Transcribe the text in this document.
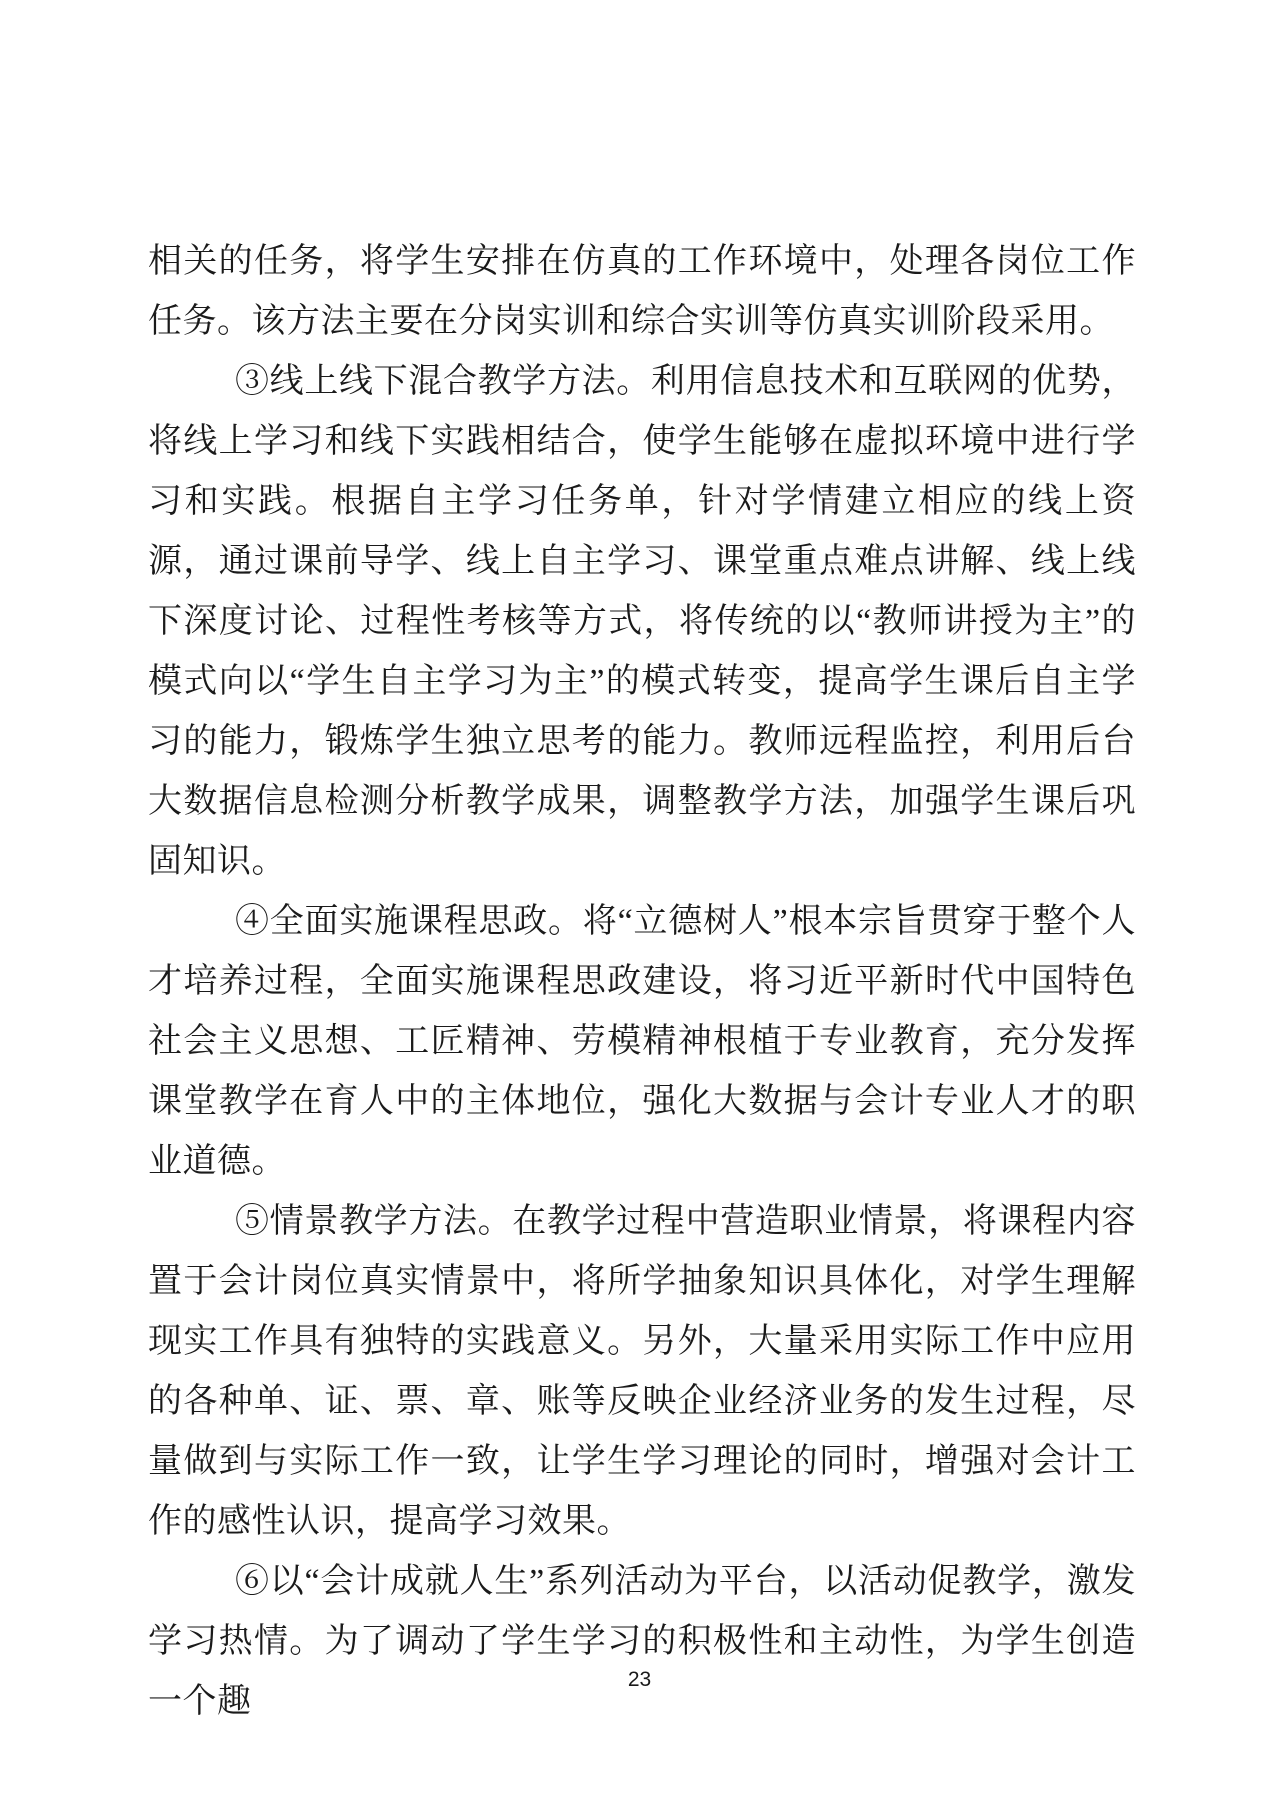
相关的任务，将学生安排在仿真的工作环境中，处理各岗位工作任务。该方法主要在分岗实训和综合实训等仿真实训阶段采用。

③线上线下混合教学方法。利用信息技术和互联网的优势，将线上学习和线下实践相结合，使学生能够在虚拟环境中进行学习和实践。根据自主学习任务单，针对学情建立相应的线上资源，通过课前导学、线上自主学习、课堂重点难点讲解、线上线下深度讨论、过程性考核等方式，将传统的以“教师讲授为主”的模式向以“学生自主学习为主”的模式转变，提高学生课后自主学习的能力，锻炼学生独立思考的能力。教师远程监控，利用后台大数据信息检测分析教学成果，调整教学方法，加强学生课后巩固知识。

④全面实施课程思政。将“立德树人”根本宗旨贯穿于整个人才培养过程，全面实施课程思政建设，将习近平新时代中国特色社会主义思想、工匠精神、劳模精神根植于专业教育，充分发挥课堂教学在育人中的主体地位，强化大数据与会计专业人才的职业道德。

⑤情景教学方法。在教学过程中营造职业情景，将课程内容置于会计岗位真实情景中，将所学抽象知识具体化，对学生理解现实工作具有独特的实践意义。另外，大量采用实际工作中应用的各种单、证、票、章、账等反映企业经济业务的发生过程，尽量做到与实际工作一致，让学生学习理论的同时，增强对会计工作的感性认识，提高学习效果。

⑥以“会计成就人生”系列活动为平台，以活动促教学，激发学习热情。为了调动了学生学习的积极性和主动性，为学生创造一个趣

23
